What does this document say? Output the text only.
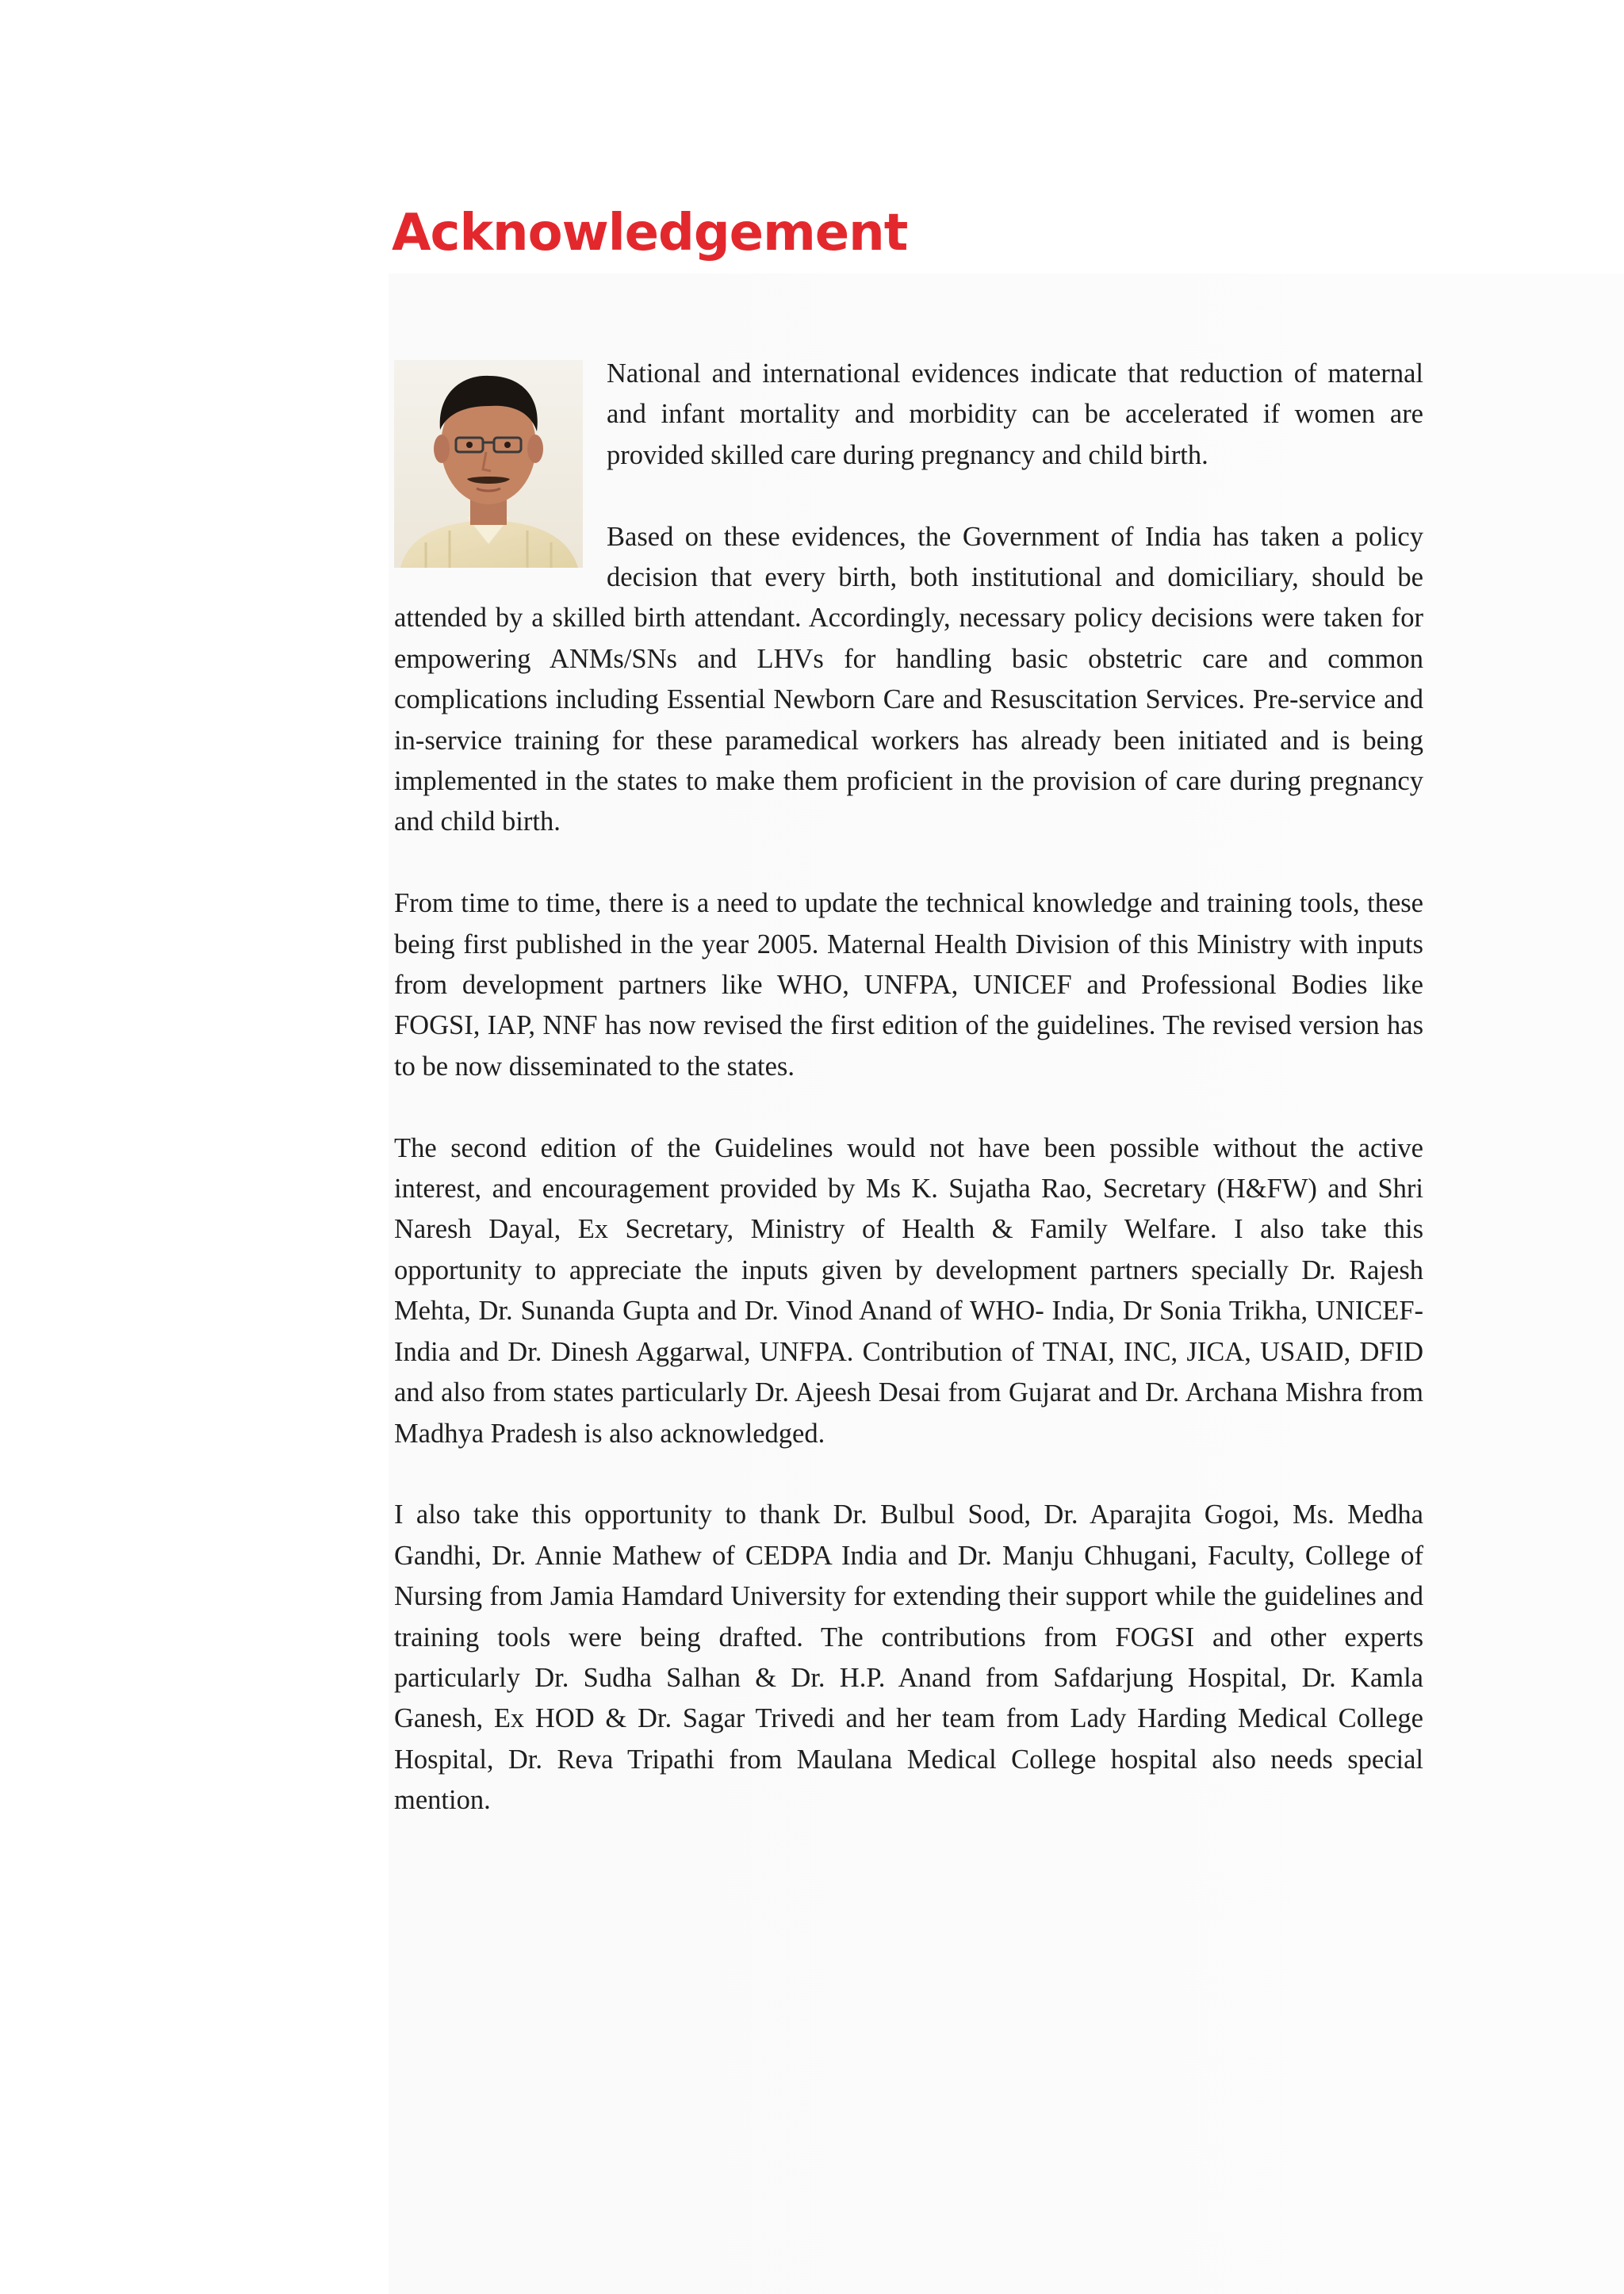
Acknowledgement

National and international evidences indicate that reduction of maternal and infant mortality and morbidity can be accelerated if women are provided skilled care during pregnancy and child birth.

Based on these evidences, the Government of India has taken a policy decision that every birth, both institutional and domiciliary, should be attended by a skilled birth attendant. Accordingly, necessary policy decisions were taken for empowering ANMs/SNs and LHVs for handling basic obstetric care and common complications including Essential Newborn Care and Resuscitation Services. Pre-service and in-service training for these paramedical workers has already been initiated and is being implemented in the states to make them proficient in the provision of care during pregnancy and child birth.

From time to time, there is a need to update the technical knowledge and training tools, these being first published in the year 2005. Maternal Health Division of this Ministry with inputs from development partners like WHO, UNFPA, UNICEF and Professional Bodies like FOGSI, IAP, NNF has now revised the first edition of the guidelines. The revised version has to be now disseminated to the states.

The second edition of the Guidelines would not have been possible without the active interest, and encouragement provided by Ms K. Sujatha Rao, Secretary (H&FW) and Shri Naresh Dayal, Ex Secretary, Ministry of Health & Family Welfare. I also take this opportunity to appreciate the inputs given by development partners specially Dr. Rajesh Mehta, Dr. Sunanda Gupta and Dr. Vinod Anand of WHO- India, Dr Sonia Trikha, UNICEF-India and Dr. Dinesh Aggarwal, UNFPA. Contribution of TNAI, INC, JICA, USAID, DFID and also from states particularly Dr. Ajeesh Desai from Gujarat and Dr. Archana Mishra from Madhya Pradesh is also acknowledged.

I also take this opportunity to thank Dr. Bulbul Sood, Dr. Aparajita Gogoi, Ms. Medha Gandhi, Dr. Annie Mathew of CEDPA India and Dr. Manju Chhugani, Faculty, College of Nursing from Jamia Hamdard University for extending their support while the guidelines and training tools were being drafted. The contributions from FOGSI and other experts particularly Dr. Sudha Salhan & Dr. H.P. Anand from Safdarjung Hospital, Dr. Kamla Ganesh, Ex HOD & Dr. Sagar Trivedi and her team from Lady Harding Medical College Hospital, Dr. Reva Tripathi from Maulana Medical College hospital also needs special mention.
